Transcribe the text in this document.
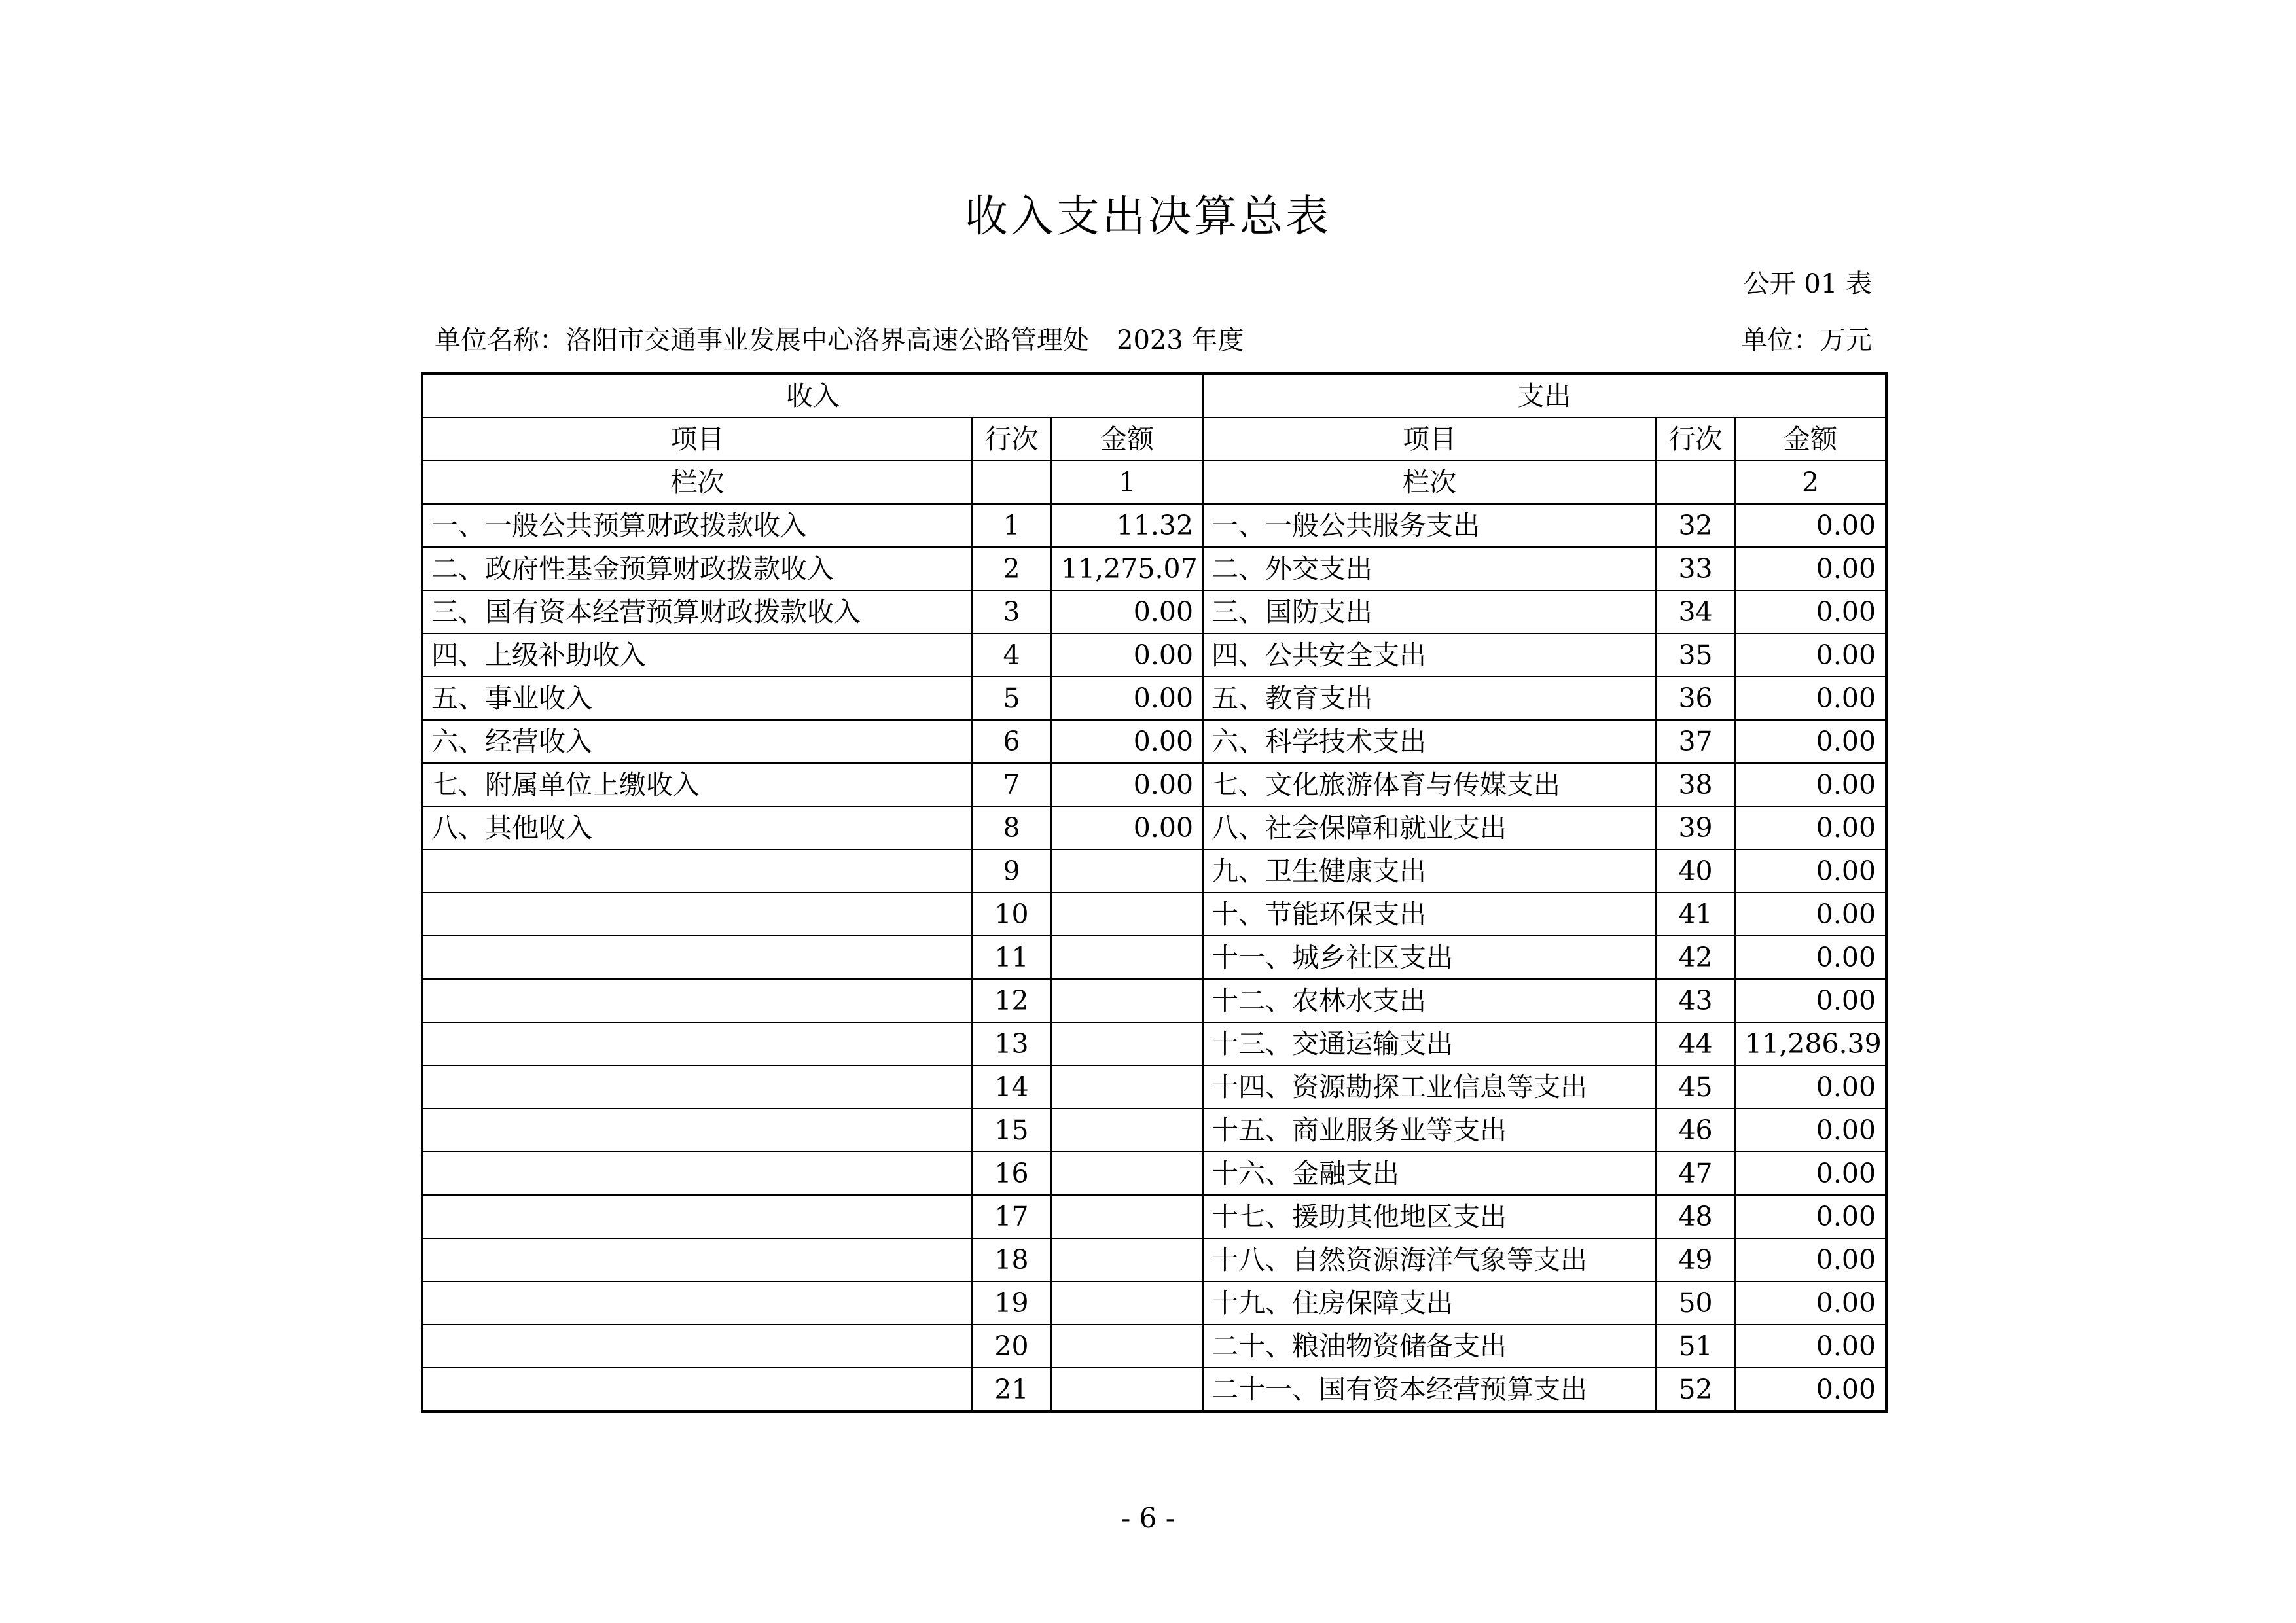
收入支出决算总表
公开 01 表
单位名称：洛阳市交通事业发展中心洛界高速公路管理处 2023 年度	单位：万元
收入			支出		
项目	行次	金额	项目	行次	金额
栏次		1	栏次		2
一、一般公共预算财政拨款收入	1	11.32	一、一般公共服务支出	32	0.00
二、政府性基金预算财政拨款收入	2	11,275.07	二、外交支出	33	0.00
三、国有资本经营预算财政拨款收入	3	0.00	三、国防支出	34	0.00
四、上级补助收入	4	0.00	四、公共安全支出	35	0.00
五、事业收入	5	0.00	五、教育支出	36	0.00
六、经营收入	6	0.00	六、科学技术支出	37	0.00
七、附属单位上缴收入	7	0.00	七、文化旅游体育与传媒支出	38	0.00
八、其他收入	8	0.00	八、社会保障和就业支出	39	0.00
	9		九、卫生健康支出	40	0.00
	10		十、节能环保支出	41	0.00
	11		十一、城乡社区支出	42	0.00
	12		十二、农林水支出	43	0.00
	13		十三、交通运输支出	44	11,286.39
	14		十四、资源勘探工业信息等支出	45	0.00
	15		十五、商业服务业等支出	46	0.00
	16		十六、金融支出	47	0.00
	17		十七、援助其他地区支出	48	0.00
	18		十八、自然资源海洋气象等支出	49	0.00
	19		十九、住房保障支出	50	0.00
	20		二十、粮油物资储备支出	51	0.00
	21		二十一、国有资本经营预算支出	52	0.00
- 6 -
